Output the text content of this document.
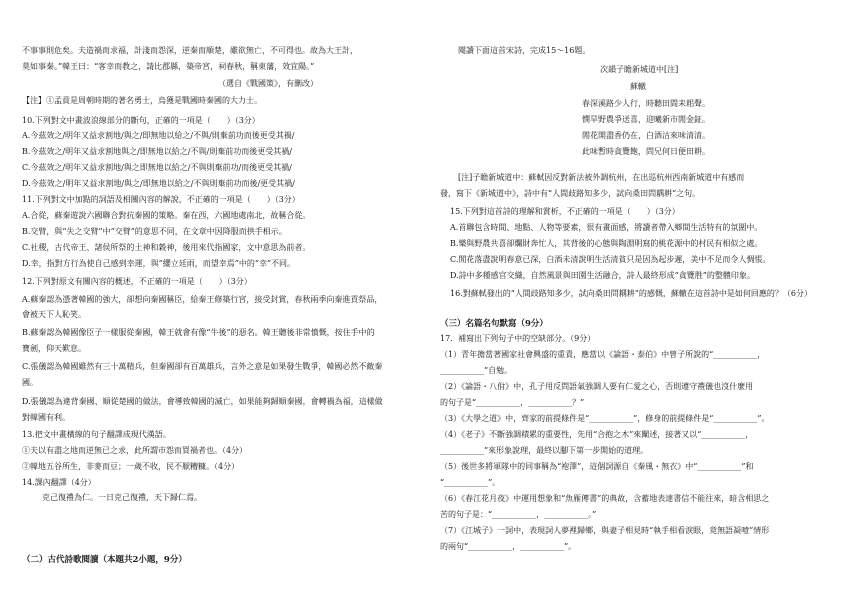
不事事則危矣。夫造禍而求福，計淺而怨深，逆秦而順楚，雖欲無亡，不可得也。故為大王計，
莫如事秦。”韓王曰：“客幸而教之，請比郡縣，築帝宮，祠春秋，稱東藩，效宜陽。”
（選自《戰國策》，有刪改）
【注】①孟賁是周朝時期的著名勇士，烏獲是戰國時秦國的大力士。
10.下列對文中畫波浪線部分的斷句，正確的一項是（　　）（3分）
A.今茲效之/明年又益求割地/與之/即無地以給之/不與/則棄前功而後更受其禍/
B.今茲效之/明年又益求割地與之/即無地以給之/不與/則棄前功而後更受其禍/
C.今茲效之/明年又益求割地/與之即無地以給之/不與則棄前功/而後更受其禍/
D.今茲效之/明年又益求割地/與之/即無地以給之/不與則棄前功而後/更受其禍/
11.下列對文中加點的詞語及相關內容的解說，不正確的一項是（　　）（3分）
A.合從，蘇秦遊說六國聯合對抗秦國的策略。秦在西，六國地處南北，故稱合從。
B.交臂，與“失之交臂”中“交臂”的意思不同，在文章中因降服而拱手相示。
C.社稷，古代帝王、諸侯所祭的土神和穀神，後用來代指國家，文中意思為前者。
D.幸，指對方行為使自己感到幸運，與“纓立廷雨，而望幸焉”中的“幸”不同。
12.下列對原文有關內容的概述，不正確的一項是（　　）（3分）
A.蘇秦認為憑著韓國的強大，卻想向秦國稱臣，給秦王修築行宮，接受封賞，春秋兩季向秦進貢祭品，
會被天下人恥笑。
B.蘇秦認為韓國像臣子一樣服從秦國，韓王就會有像“牛後”的惡名。韓王聽後非常憤慨，按住手中的
寶劍，仰天歎息。
C.張儀認為韓國雖然有三十萬精兵，但秦國卻有百萬雄兵，言外之意是如果發生戰爭，韓國必然不敵秦
國。
D.張儀認為違背秦國、順從楚國的做法，會導致韓國的滅亡，如果能夠歸順秦國，會轉禍為福，這樣做
對韓國有利。
13.把文中畫橫線的句子翻譯成現代漢語。
①夫以有盡之地而逆無已之求，此所謂市怨而買禍者也。（4分）
②韓地五谷所生，非麥而豆；一歲不收，民不厭糟糠。（4分）
14.課內翻譯（4分）
克己復禮為仁。一日克己復禮，天下歸仁焉。
（二）古代詩歌閱讀（本題共2小題，9分）
閱讀下面這首宋詩，完成15～16題。
次韻子瞻新城道中[注]
蘇轍
春深溪路少人行，時聽田間耒耜聲。
憫旱野農爭送喜，迎曦新市閒金鉦。
閒花開盡香仍在，白酒沽來味清清。
此味暫時貪覽飽，問兄何日便田耕。
[注]子瞻新城道中：蘇軾因反對新法被外調杭州，在出巡杭州西南新城道中有感而
發，寫下《新城道中》，詩中有“人間歧路知多少，試向桑田問耦耕”之句。
15.下列對這首詩的理解和賞析，不正確的一項是（　　）（3分）
A.首聯包含時間、地點、人物等要素，很有畫面感，將讀者帶入鄉間生活特有的氛圍中。
B.樂與野農共喜卻爛財奔忙人，其背後的心態與陶淵明寫的桃花源中的村民有相似之處。
C.閒花落盡說明春意已深，白酒未清說明生活清貧只是因為起步遲，美中不足而令人惆悵。
D.詩中多種感官交織，自然風景與田園生活融合，詩人最終形成“貪覽胜”的整體印象。
16.對蘇軾發出的“人間歧路知多少，試向桑田問耦耕”的感慨，蘇轍在這首詩中是如何回應的？（6分）
（三）名篇名句默寫（9分）
17．補寫出下列句子中的空缺部分。（9分）
（1）青年擔當著國家社會興盛的重責，應當以《論語・泰伯》中曾子所說的“___________，
___________”自勉。
（2）《論語・八佾》中，孔子用反問語氣強調人要有仁愛之心，否則遵守禮儀也沒什麼用
的句子是“___________，___________？”
（3）《大學之道》中，齊家的前提條件是“___________”，修身的前提條件是“___________”。
（4）《老子》不斷強調積累的重要性，先用“合抱之木”來闡述，接著又以“___________，
___________”來形象說理，最終以腳下第一步開始的道理。
（5）後世多將軍隊中的同事稱為“袍澤”，這個詞源自《秦風・無衣》中“___________”和
“___________”。
（6）《春江花月夜》中運用想象和“魚雁傳書”的典故，含蓄地表達書信不能往來，暗含相思之
苦的句子是：“___________，___________。”
（7）《江城子》一詞中，表現詞人夢裡歸鄉，與妻子相見時“執手相看淚眼，竟無語凝噎”情形
的兩句“___________，___________”。
